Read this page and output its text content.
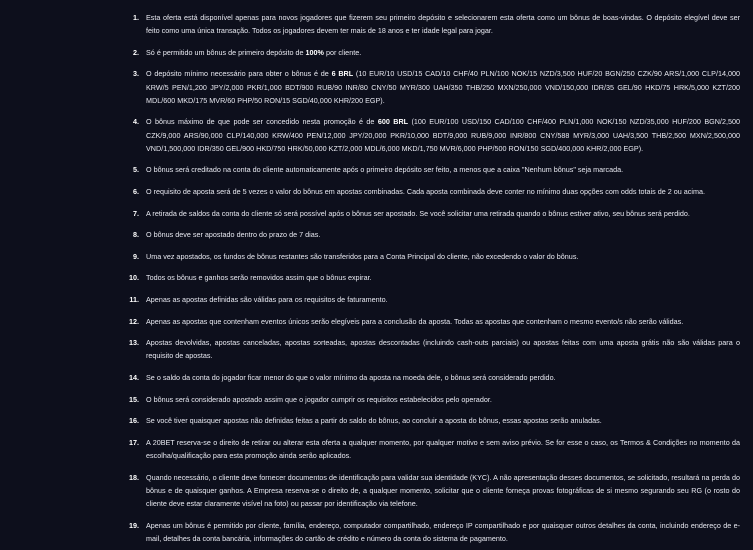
1. Esta oferta está disponível apenas para novos jogadores que fizerem seu primeiro depósito e selecionarem esta oferta como um bônus de boas-vindas. O depósito elegível deve ser feito como uma única transação. Todos os jogadores devem ter mais de 18 anos e ter idade legal para jogar.
2. Só é permitido um bônus de primeiro depósito de 100% por cliente.
3. O depósito mínimo necessário para obter o bônus é de 6 BRL (10 EUR/10 USD/15 CAD/10 CHF/40 PLN/100 NOK/15 NZD/3,500 HUF/20 BGN/250 CZK/90 ARS/1,000 CLP/14,000 KRW/5 PEN/1,200 JPY/2,000 PKR/1,000 BDT/900 RUB/90 INR/80 CNY/50 MYR/300 UAH/350 THB/250 MXN/250,000 VND/150,000 IDR/35 GEL/90 HKD/75 HRK/5,000 KZT/200 MDL/600 MKD/175 MVR/60 PHP/50 RON/15 SGD/40,000 KHR/200 EGP).
4. O bônus máximo de que pode ser concedido nesta promoção é de 600 BRL (100 EUR/100 USD/150 CAD/100 CHF/400 PLN/1,000 NOK/150 NZD/35,000 HUF/200 BGN/2,500 CZK/9,000 ARS/90,000 CLP/140,000 KRW/400 PEN/12,000 JPY/20,000 PKR/10,000 BDT/9,000 RUB/9,000 INR/800 CNY/588 MYR/3,000 UAH/3,500 THB/2,500 MXN/2,500,000 VND/1,500,000 IDR/350 GEL/900 HKD/750 HRK/50,000 KZT/2,000 MDL/6,000 MKD/1,750 MVR/6,000 PHP/500 RON/150 SGD/400,000 KHR/2,000 EGP).
5. O bônus será creditado na conta do cliente automaticamente após o primeiro depósito ser feito, a menos que a caixa "Nenhum bônus" seja marcada.
6. O requisito de aposta será de 5 vezes o valor do bônus em apostas combinadas. Cada aposta combinada deve conter no mínimo duas opções com odds totais de 2 ou acima.
7. A retirada de saldos da conta do cliente só será possível após o bônus ser apostado. Se você solicitar uma retirada quando o bônus estiver ativo, seu bônus será perdido.
8. O bônus deve ser apostado dentro do prazo de 7 dias.
9. Uma vez apostados, os fundos de bônus restantes são transferidos para a Conta Principal do cliente, não excedendo o valor do bônus.
10. Todos os bônus e ganhos serão removidos assim que o bônus expirar.
11. Apenas as apostas definidas são válidas para os requisitos de faturamento.
12. Apenas as apostas que contenham eventos únicos serão elegíveis para a conclusão da aposta. Todas as apostas que contenham o mesmo evento/s não serão válidas.
13. Apostas devolvidas, apostas canceladas, apostas sorteadas, apostas descontadas (incluindo cash-outs parciais) ou apostas feitas com uma aposta grátis não são válidas para o requisito de apostas.
14. Se o saldo da conta do jogador ficar menor do que o valor mínimo da aposta na moeda dele, o bônus será considerado perdido.
15. O bônus será considerado apostado assim que o jogador cumprir os requisitos estabelecidos pelo operador.
16. Se você tiver quaisquer apostas não definidas feitas a partir do saldo do bônus, ao concluir a aposta do bônus, essas apostas serão anuladas.
17. A 20BET reserva-se o direito de retirar ou alterar esta oferta a qualquer momento, por qualquer motivo e sem aviso prévio. Se for esse o caso, os Termos & Condições no momento da escolha/qualificação para esta promoção ainda serão aplicados.
18. Quando necessário, o cliente deve fornecer documentos de identificação para validar sua identidade (KYC). A não apresentação desses documentos, se solicitado, resultará na perda do bônus e de quaisquer ganhos. A Empresa reserva-se o direito de, a qualquer momento, solicitar que o cliente forneça provas fotográficas de si mesmo segurando seu RG (o rosto do cliente deve estar claramente visível na foto) ou passar por identificação via telefone.
19. Apenas um bônus é permitido por cliente, família, endereço, computador compartilhado, endereço IP compartilhado e por quaisquer outros detalhes da conta, incluindo endereço de e-mail, detalhes da conta bancária, informações do cartão de crédito e número da conta do sistema de pagamento.
